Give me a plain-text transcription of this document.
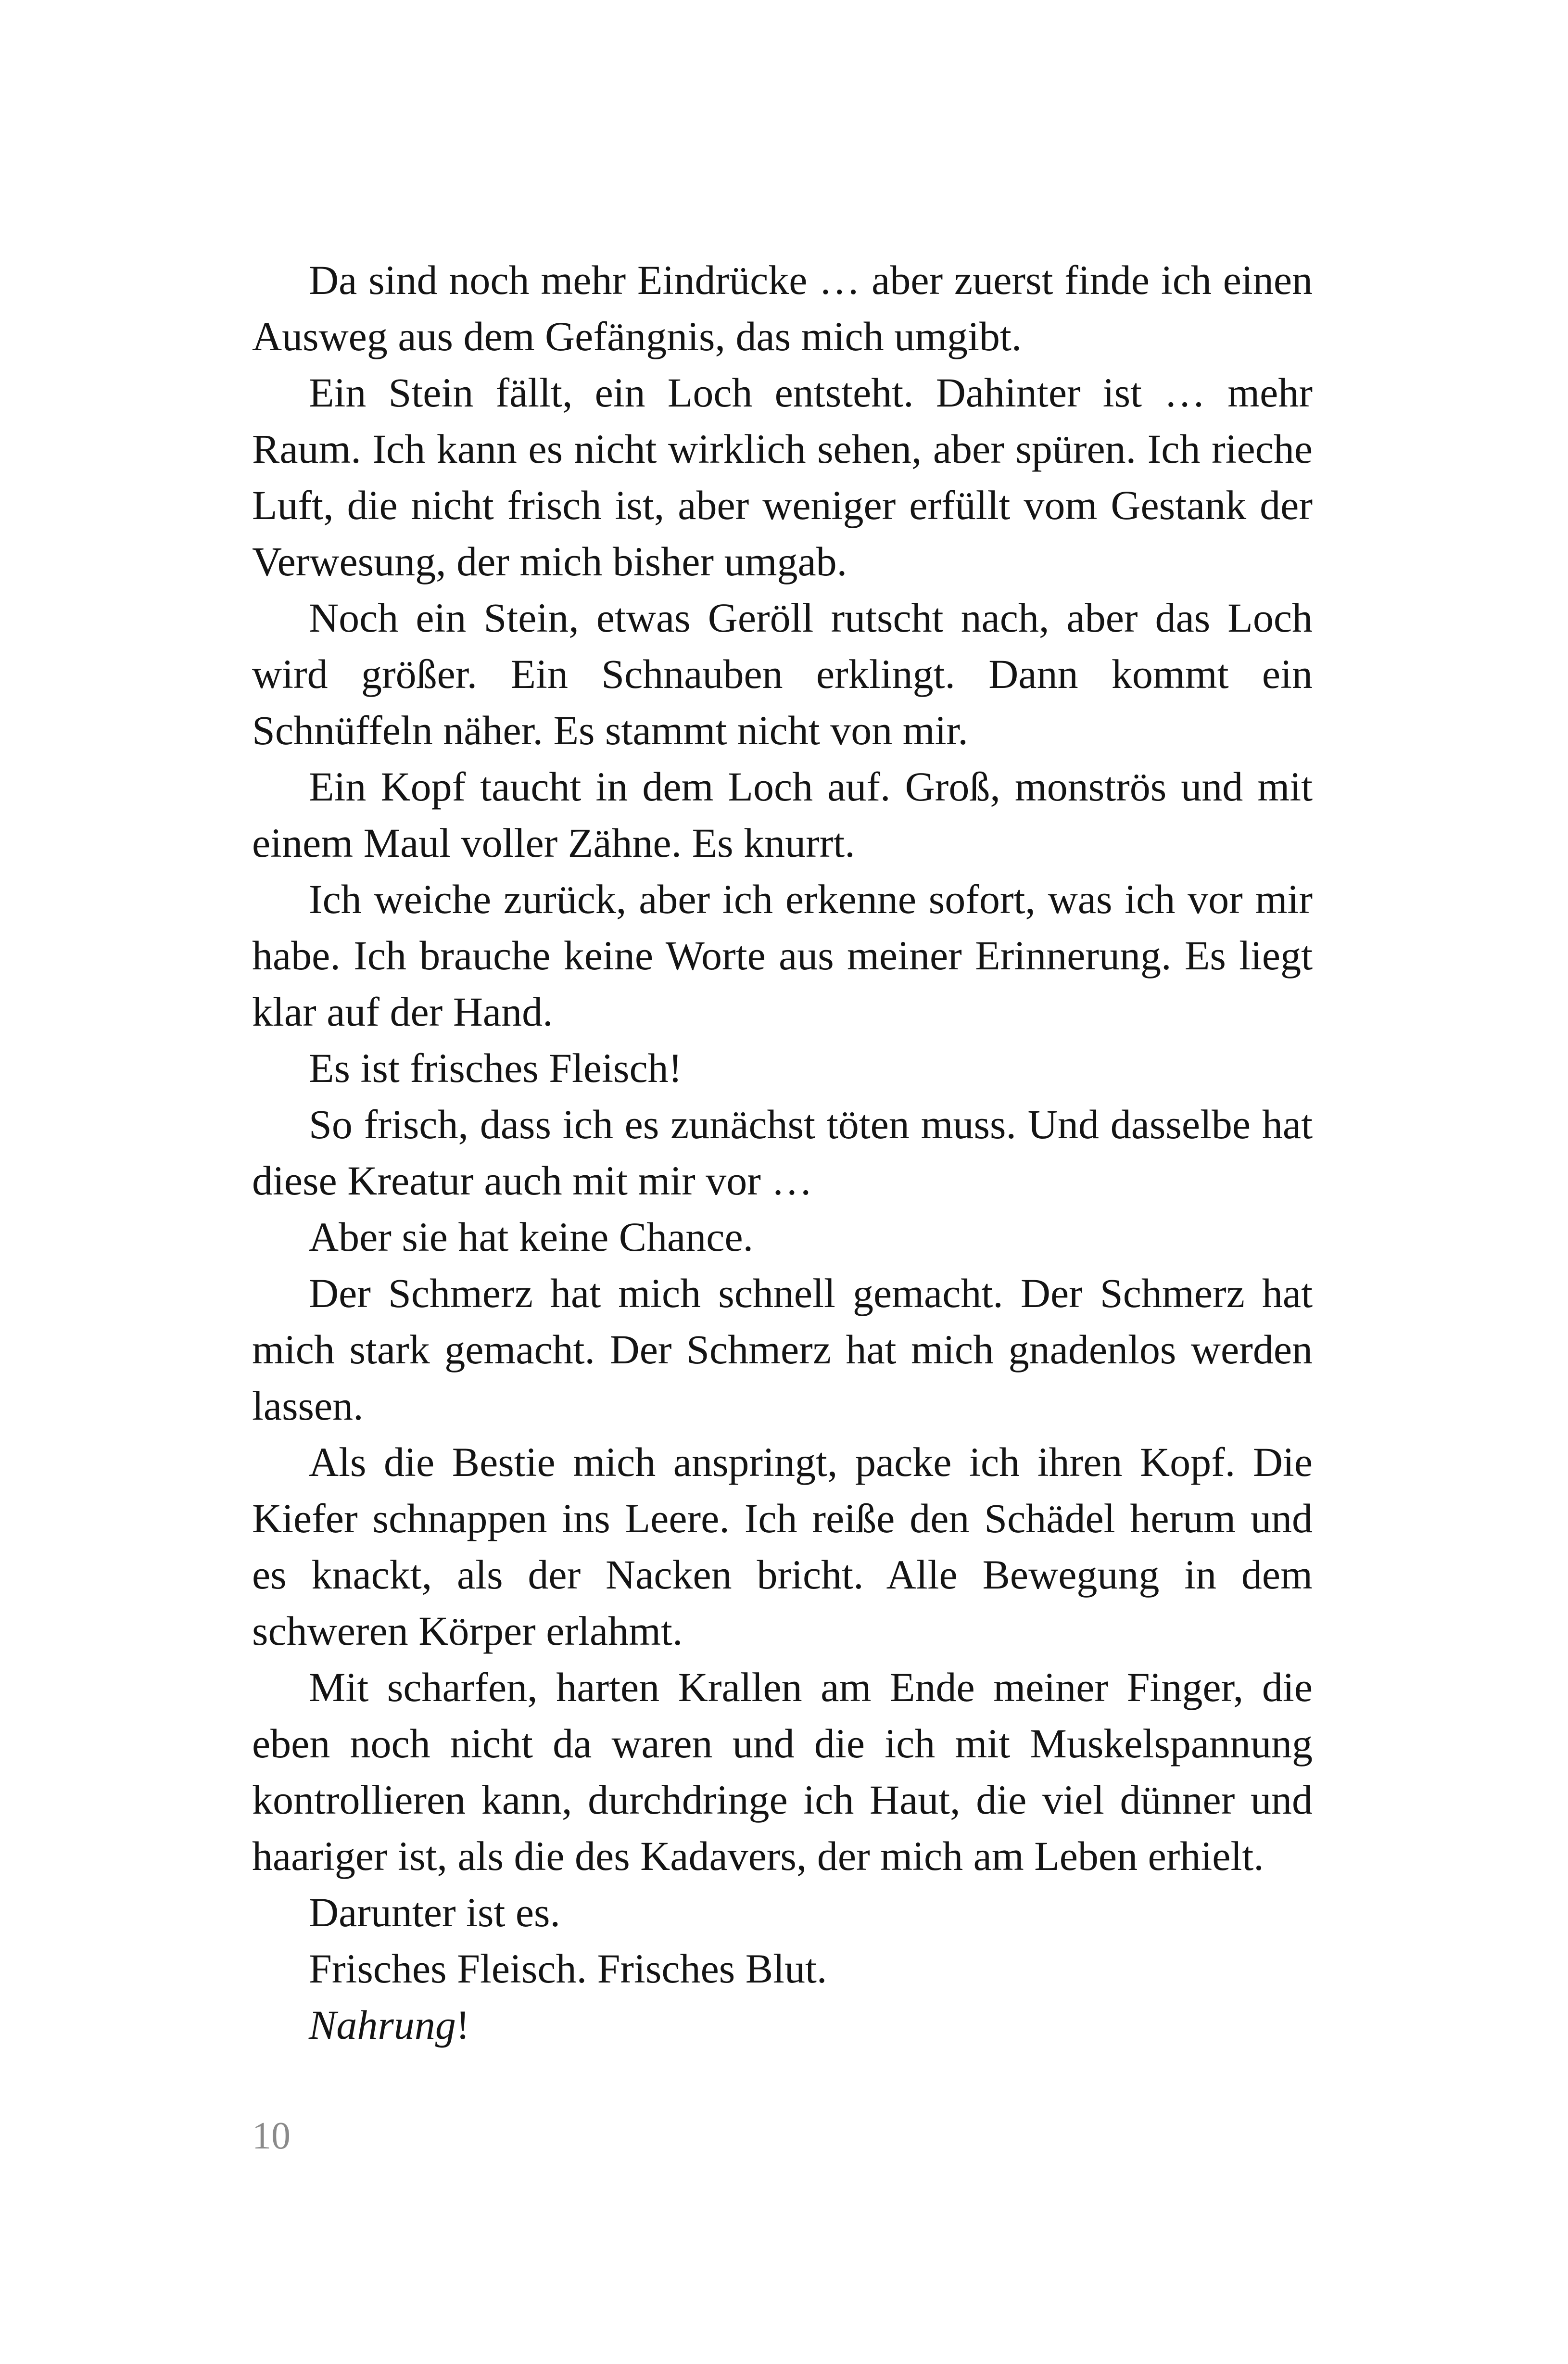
Da sind noch mehr Eindrücke … aber zuerst finde ich einen Ausweg aus dem Gefängnis, das mich umgibt.

Ein Stein fällt, ein Loch entsteht. Dahinter ist … mehr Raum. Ich kann es nicht wirklich sehen, aber spüren. Ich rieche Luft, die nicht frisch ist, aber weniger erfüllt vom Gestank der Verwesung, der mich bisher umgab.

Noch ein Stein, etwas Geröll rutscht nach, aber das Loch wird größer. Ein Schnauben erklingt. Dann kommt ein Schnüffeln näher. Es stammt nicht von mir.

Ein Kopf taucht in dem Loch auf. Groß, monströs und mit einem Maul voller Zähne. Es knurrt.

Ich weiche zurück, aber ich erkenne sofort, was ich vor mir habe. Ich brauche keine Worte aus meiner Erinnerung. Es liegt klar auf der Hand.

Es ist frisches Fleisch!

So frisch, dass ich es zunächst töten muss. Und dasselbe hat diese Kreatur auch mit mir vor …

Aber sie hat keine Chance.

Der Schmerz hat mich schnell gemacht. Der Schmerz hat mich stark gemacht. Der Schmerz hat mich gnadenlos werden lassen.

Als die Bestie mich anspringt, packe ich ihren Kopf. Die Kiefer schnappen ins Leere. Ich reiße den Schädel herum und es knackt, als der Nacken bricht. Alle Bewegung in dem schweren Körper erlahmt.

Mit scharfen, harten Krallen am Ende meiner Finger, die eben noch nicht da waren und die ich mit Muskelspannung kontrollieren kann, durchdringe ich Haut, die viel dünner und haariger ist, als die des Kadavers, der mich am Leben erhielt.

Darunter ist es.

Frisches Fleisch. Frisches Blut.

Nahrung!

10
